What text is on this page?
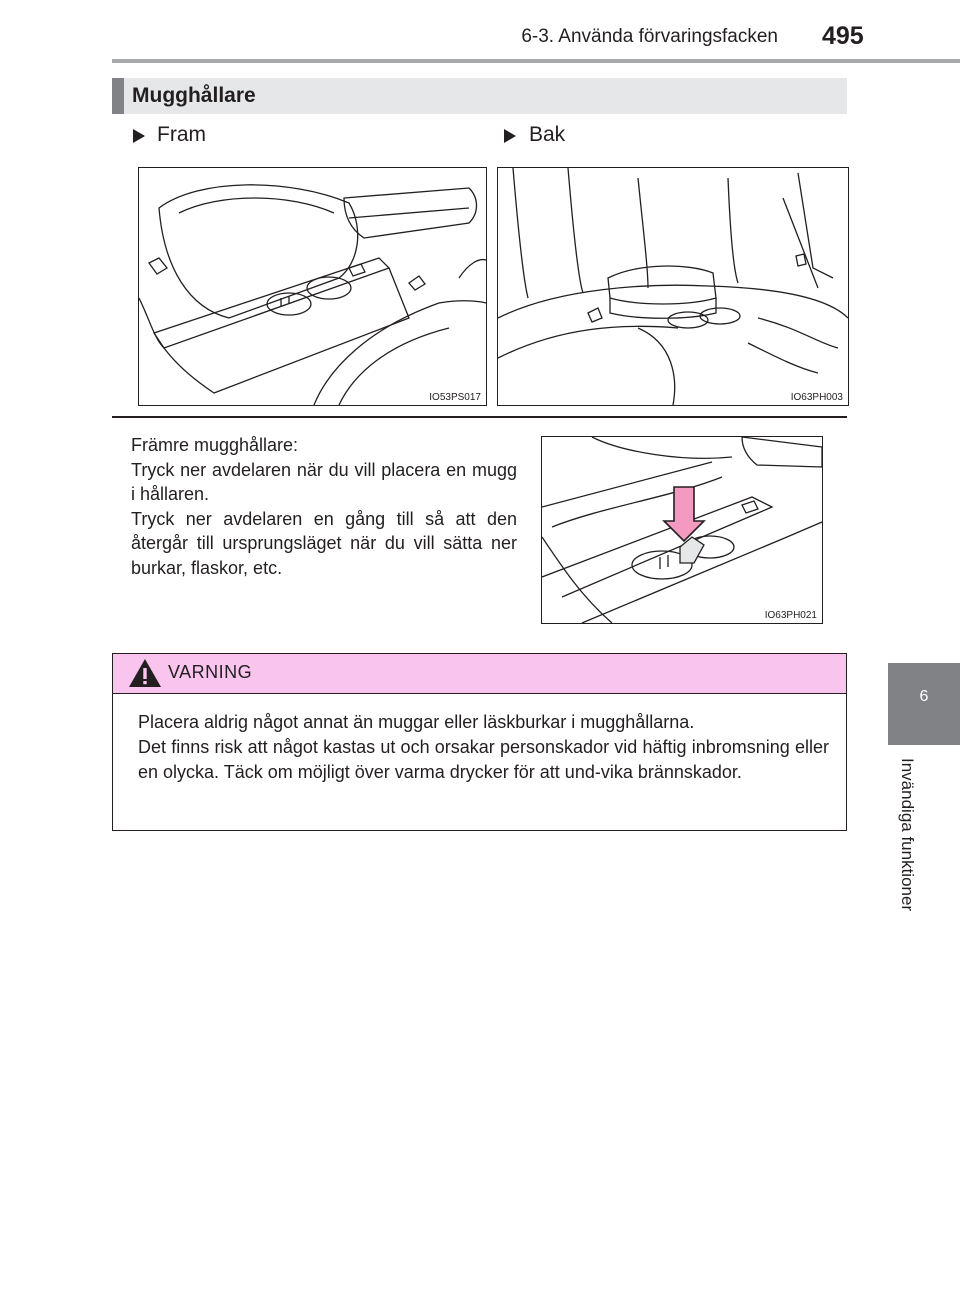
6-3. Använda förvaringsfacken 495
6
Invändiga funktioner
Mugghållare
Fram	Bak
IO53PS017	IO63PH003
Främre mugghållare:
Tryck ner avdelaren när du vill placera en mugg i hållaren.
Tryck ner avdelaren en gång till så att den återgår till ursprungsläget när du vill sätta ner burkar, flaskor, etc.
IO63PH021
VARNING
Placera aldrig något annat än muggar eller läskburkar i mugghållarna.
Det finns risk att något kastas ut och orsakar personskador vid häftig inbromsning eller en olycka. Täck om möjligt över varma drycker för att und-vika brännskador.
